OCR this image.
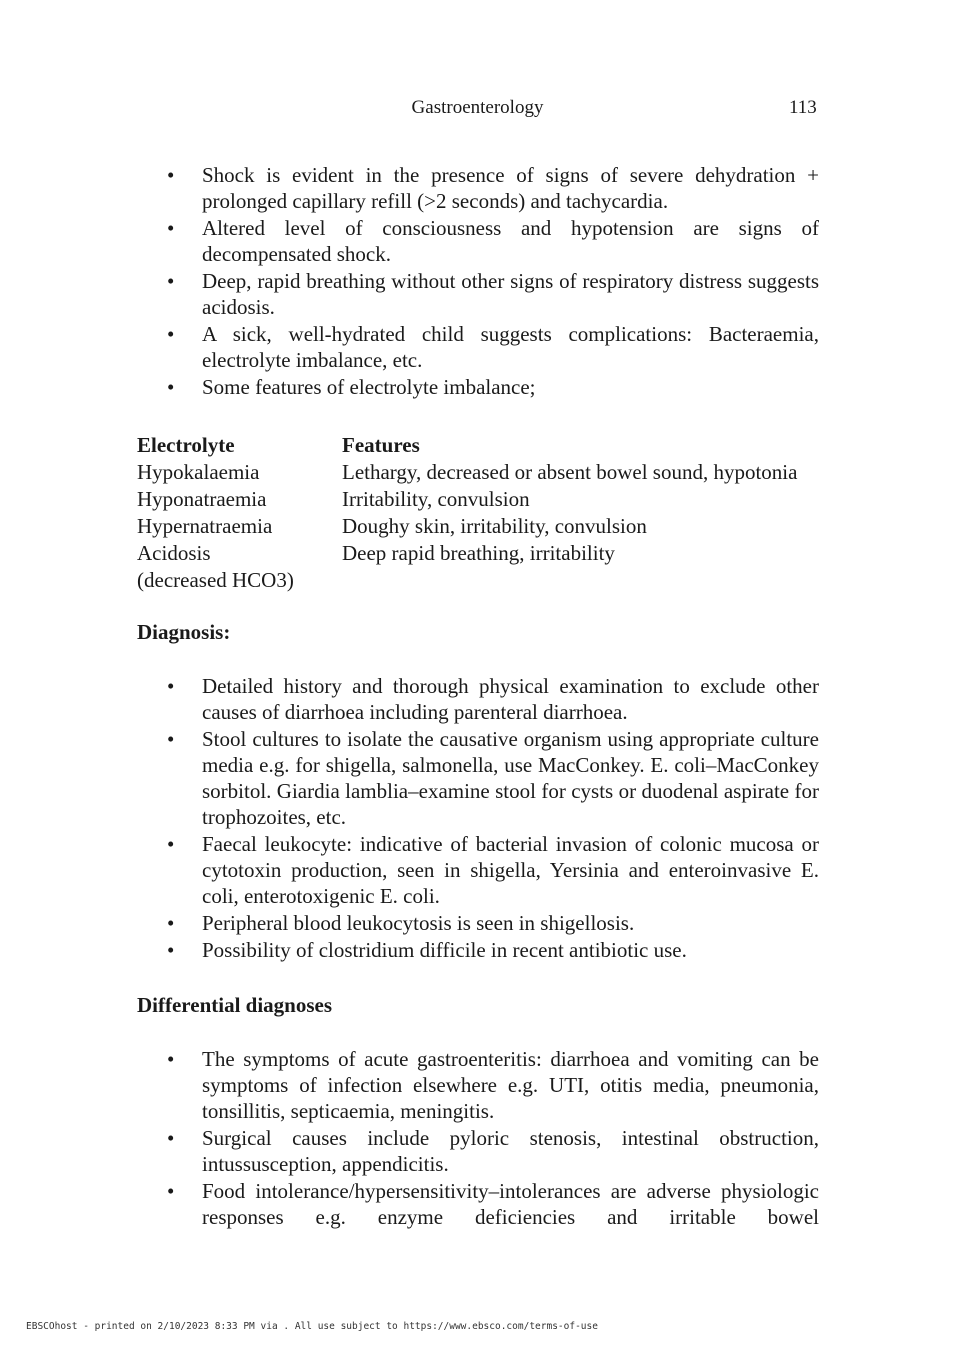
Gastroenterology	113
• Shock is evident in the presence of signs of severe dehydration + prolonged capillary refill (>2 seconds) and tachycardia.
• Altered level of consciousness and hypotension are signs of decompensated shock.
• Deep, rapid breathing without other signs of respiratory distress suggests acidosis.
• A sick, well-hydrated child suggests complications: Bacteraemia, electrolyte imbalance, etc.
• Some features of electrolyte imbalance;
Electrolyte	Features
Hypokalaemia	Lethargy, decreased or absent bowel sound, hypotonia
Hyponatraemia	Irritability, convulsion
Hypernatraemia	Doughy skin, irritability, convulsion
Acidosis	Deep rapid breathing, irritability
(decreased HCO3)
Diagnosis:
• Detailed history and thorough physical examination to exclude other causes of diarrhoea including parenteral diarrhoea.
• Stool cultures to isolate the causative organism using appropriate culture media e.g. for shigella, salmonella, use MacConkey. E. coli–MacConkey sorbitol. Giardia lamblia–examine stool for cysts or duodenal aspirate for trophozoites, etc.
• Faecal leukocyte: indicative of bacterial invasion of colonic mucosa or cytotoxin production, seen in shigella, Yersinia and enteroinvasive E. coli, enterotoxigenic E. coli.
• Peripheral blood leukocytosis is seen in shigellosis.
• Possibility of clostridium difficile in recent antibiotic use.
Differential diagnoses
• The symptoms of acute gastroenteritis: diarrhoea and vomiting can be symptoms of infection elsewhere e.g. UTI, otitis media, pneumonia, tonsillitis, septicaemia, meningitis.
• Surgical causes include pyloric stenosis, intestinal obstruction, intussusception, appendicitis.
• Food intolerance/hypersensitivity–intolerances are adverse physiologic responses e.g. enzyme deficiencies and irritable bowel
EBSCOhost - printed on 2/10/2023 8:33 PM via . All use subject to https://www.ebsco.com/terms-of-use
